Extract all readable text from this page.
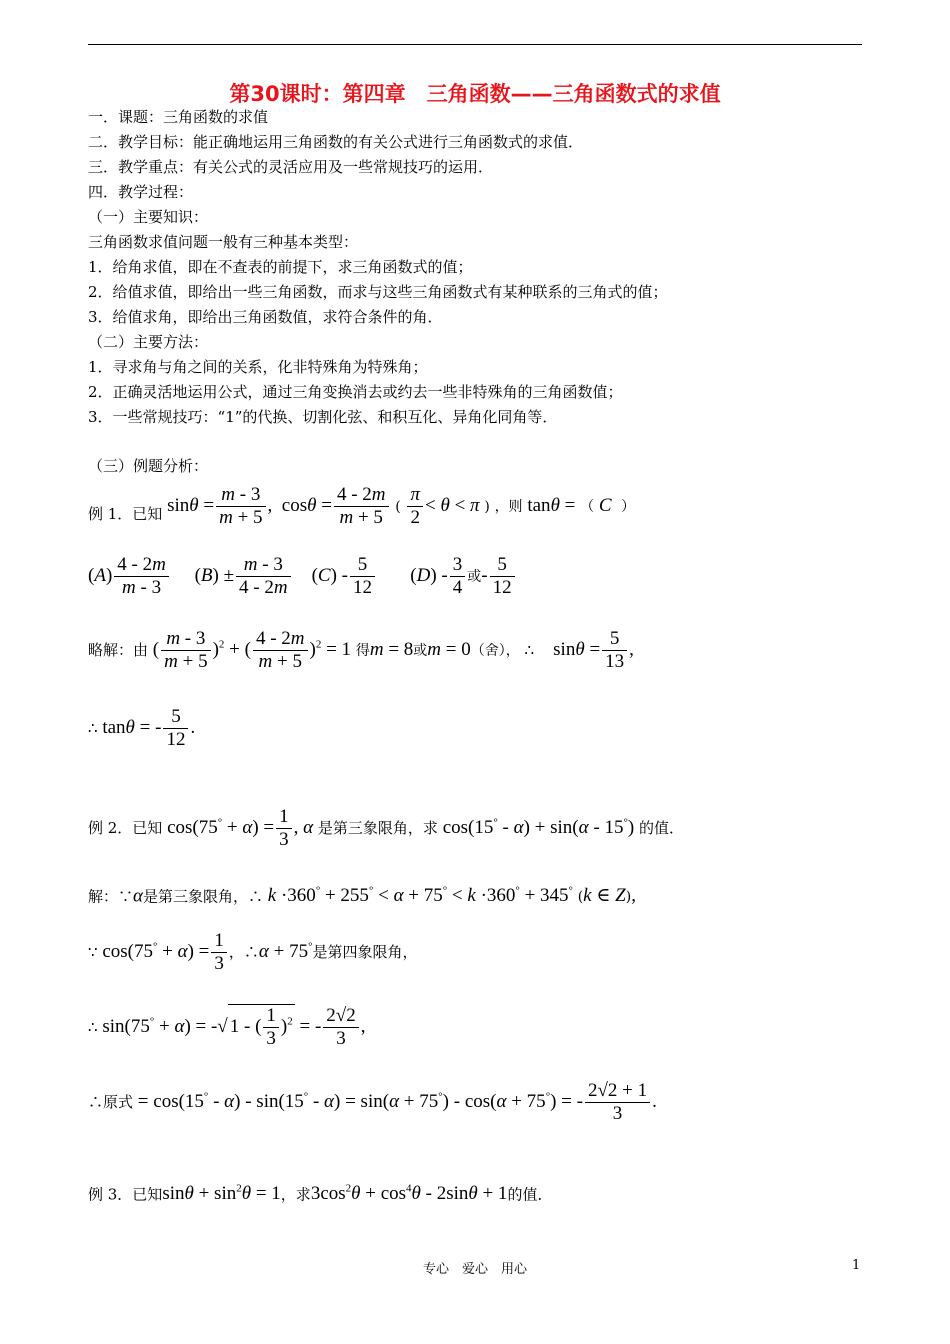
第30课时：第四章　三角函数——三角函数式的求值
一．课题：三角函数的求值
二．教学目标：能正确地运用三角函数的有关公式进行三角函数式的求值．
三．教学重点：有关公式的灵活应用及一些常规技巧的运用．
四．教学过程：
（一）主要知识：
三角函数求值问题一般有三种基本类型：
1．给角求值，即在不查表的前提下，求三角函数式的值；
2．给值求值，即给出一些三角函数，而求与这些三角函数式有某种联系的三角式的值；
3．给值求角，即给出三角函数值，求符合条件的角．
（二）主要方法：
1．寻求角与角之间的关系，化非特殊角为特殊角；
2．正确灵活地运用公式，通过三角变换消去或约去一些非特殊角的三角函数值；
3．一些常规技巧：“1”的代换、切割化弦、和积互化、异角化同角等．
（三）例题分析：
例 1．已知 $\sin\theta = \frac{m - 3}{m + 5}$ ,  $\cos\theta = \frac{4 - 2m}{m + 5}$ ( $\frac{\pi}{2} < \theta < \pi$ ) ，则 tanθ = （ C ）
$(A) \frac{4 - 2m}{m - 3} (B) \pm \frac{m - 3}{4 - 2m} (C) - \frac{5}{12} (D) - \frac{3}{4}$ 或- $\frac{5}{12}$
略解：由 ( $\frac{m - 3}{m + 5} )^2$ + ( $\frac{4 - 2m}{m + 5} )^2 = 1$ 得m = 8或m = 0（舍）， ∴ $\sin\theta = \frac{5}{13}$ ,
∴ tanθ = - $\frac{5}{12}$ .
例 2．已知 $\cos(75^\circ + \alpha) = \frac{1}{3}$ , α 是第三象限角，求 cos(15° - α) + sin(α - 15°) 的值．
解：∵α是第三象限角，∴ k ·360° + 255° < α + 75° < k ·360° + 345° (k ∈ Z),
∵ $\cos(75^\circ + \alpha) = \frac{1}{3}$ ，∴α + 75°是第四象限角，
∴ sin(75° + α) = -√ 1 - ( $\frac{1}{3} )^2$ = - $\frac{2√2}{3}$ ,
∴原式 = cos(15° - α) - sin(15° - α) = sin(α + 75°) - cos(α + 75°) = - $\frac{2√2 + 1}{3}$ .
例 3．已知$\sin\theta + \sin^2\theta = 1$，求$3\cos^2\theta + \cos^4\theta - 2\sin\theta + 1$的值．
专心　爱心　用心	1
